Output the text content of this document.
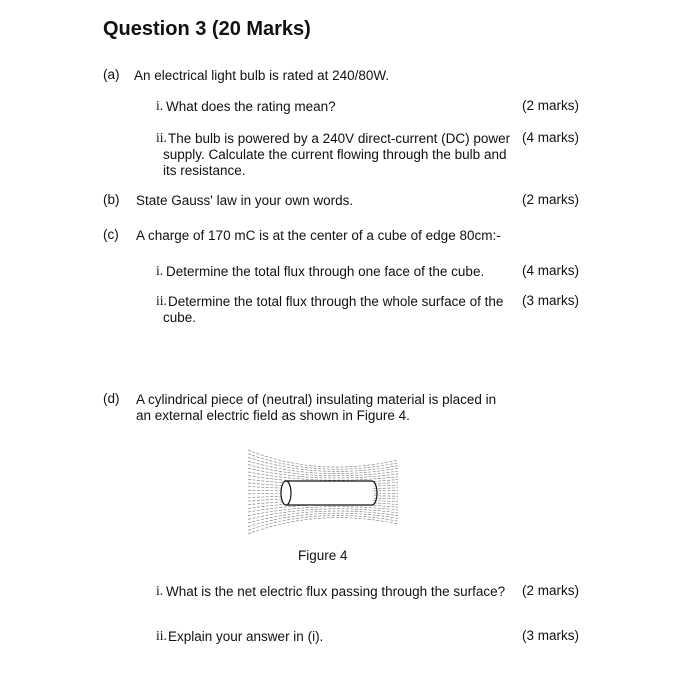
Question 3 (20 Marks)
(a) An electrical light bulb is rated at 240/80W.
i. What does the rating mean?	(2 marks)
ii. The bulb is powered by a 240V direct-current (DC) power
supply. Calculate the current flowing through the bulb and
its resistance.
(4 marks)
(b) State Gauss' law in your own words.	(2 marks)
(c) A charge of 170 mC is at the center of a cube of edge 80cm:-
i. Determine the total flux through one face of the cube.	(4 marks)
ii. Determine the total flux through the whole surface of the
cube.
(3 marks)
(d) A cylindrical piece of (neutral) insulating material is placed in
an external electric field as shown in Figure 4.
Figure 4
i. What is the net electric flux passing through the surface? (2 marks)
ii. Explain your answer in (i).	(3 marks)
